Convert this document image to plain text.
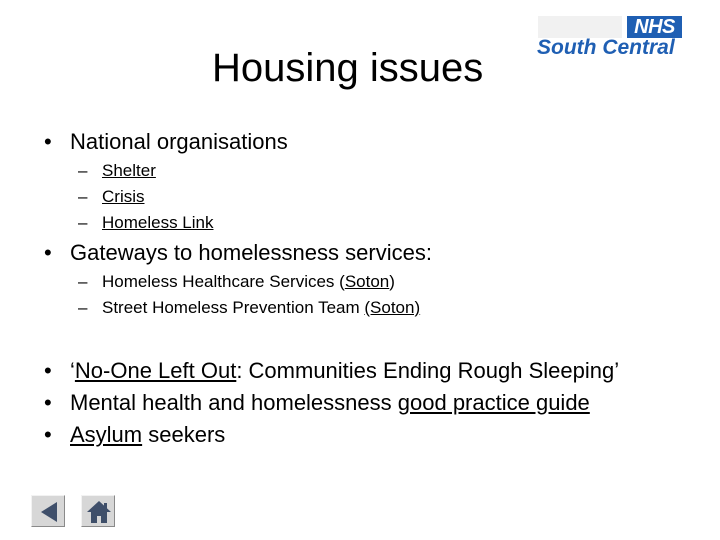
Housing issues
NHS
South Central
• National organisations
– Shelter
– Crisis
– Homeless Link
• Gateways to homelessness services:
– Homeless Healthcare Services (Soton)
– Street Homeless Prevention Team (Soton)
• ‘No-One Left Out: Communities Ending Rough Sleeping’
• Mental health and homelessness good practice guide
• Asylum seekers
